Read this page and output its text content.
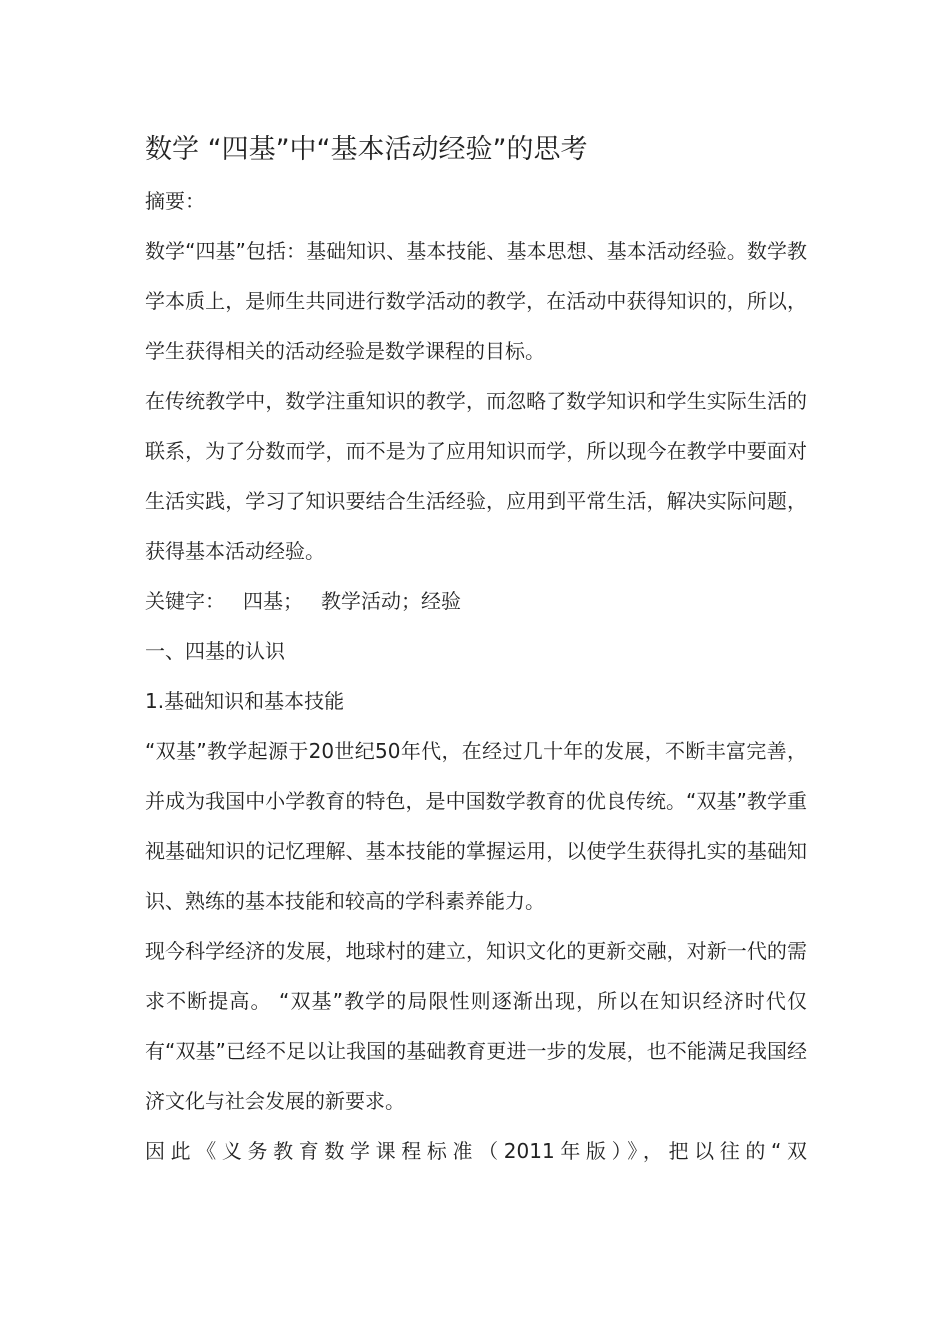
数学 “四基”中“基本活动经验”的思考

摘要：

数学“四基”包括：基础知识、基本技能、基本思想、基本活动经验。数学教学本质上，是师生共同进行数学活动的教学，在活动中获得知识的，所以，学生获得相关的活动经验是数学课程的目标。

在传统教学中，数学注重知识的教学，而忽略了数学知识和学生实际生活的联系，为了分数而学，而不是为了应用知识而学，所以现今在教学中要面对生活实践，学习了知识要结合生活经验，应用到平常生活，解决实际问题，获得基本活动经验。

关键字： 四基； 教学活动；经验

一、四基的认识

1.基础知识和基本技能

“双基”教学起源于20世纪50年代，在经过几十年的发展，不断丰富完善，并成为我国中小学教育的特色，是中国数学教育的优良传统。“双基”教学重视基础知识的记忆理解、基本技能的掌握运用，以使学生获得扎实的基础知识、熟练的基本技能和较高的学科素养能力。

现今科学经济的发展，地球村的建立，知识文化的更新交融，对新一代的需求不断提高。 “双基”教学的局限性则逐渐出现，所以在知识经济时代仅有“双基”已经不足以让我国的基础教育更进一步的发展，也不能满足我国经济文化与社会发展的新要求。

因此《义务教育数学课程标准（2011年版）》，把以往的“双
